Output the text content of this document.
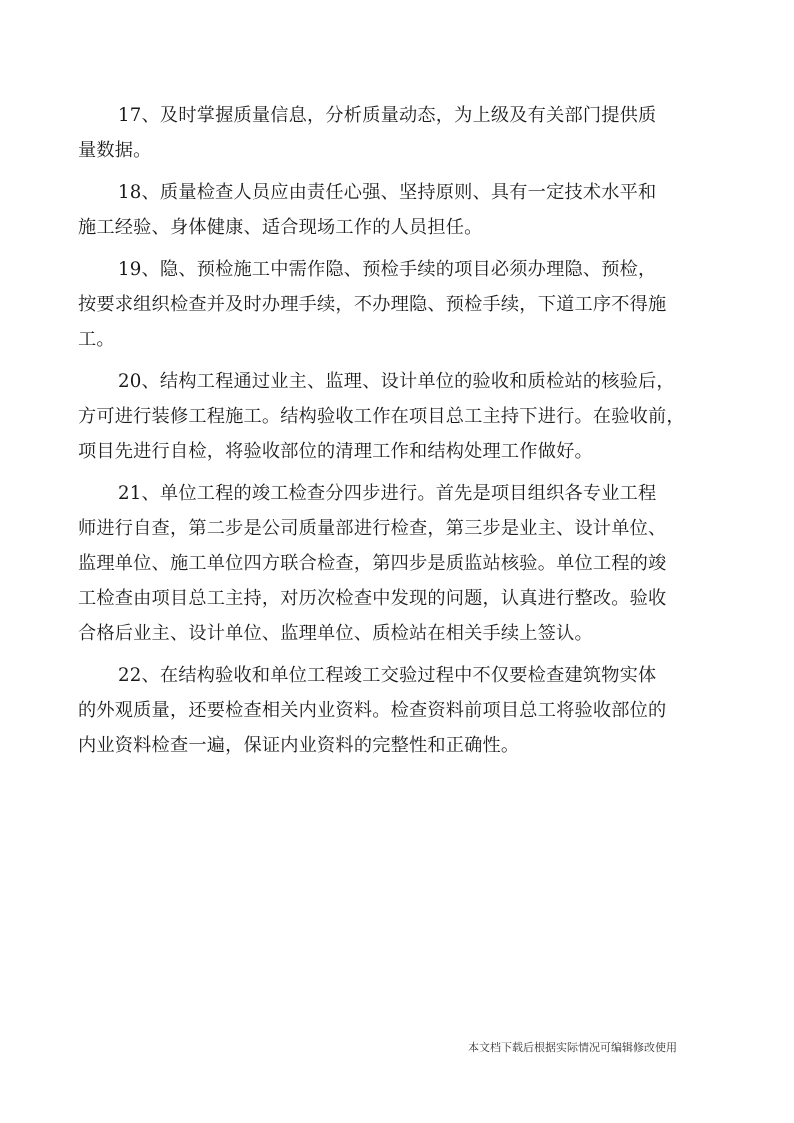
17、及时掌握质量信息，分析质量动态，为上级及有关部门提供质
量数据。

18、质量检查人员应由责任心强、坚持原则、具有一定技术水平和
施工经验、身体健康、适合现场工作的人员担任。

19、隐、预检施工中需作隐、预检手续的项目必须办理隐、预检，
按要求组织检查并及时办理手续，不办理隐、预检手续，下道工序不得施
工。

20、结构工程通过业主、监理、设计单位的验收和质检站的核验后，
方可进行装修工程施工。结构验收工作在项目总工主持下进行。在验收前，
项目先进行自检，将验收部位的清理工作和结构处理工作做好。

21、单位工程的竣工检查分四步进行。首先是项目组织各专业工程
师进行自查，第二步是公司质量部进行检查，第三步是业主、设计单位、
监理单位、施工单位四方联合检查，第四步是质监站核验。单位工程的竣
工检查由项目总工主持，对历次检查中发现的问题，认真进行整改。验收
合格后业主、设计单位、监理单位、质检站在相关手续上签认。

22、在结构验收和单位工程竣工交验过程中不仅要检查建筑物实体
的外观质量，还要检查相关内业资料。检查资料前项目总工将验收部位的
内业资料检查一遍，保证内业资料的完整性和正确性。

本文档下载后根据实际情况可编辑修改使用
